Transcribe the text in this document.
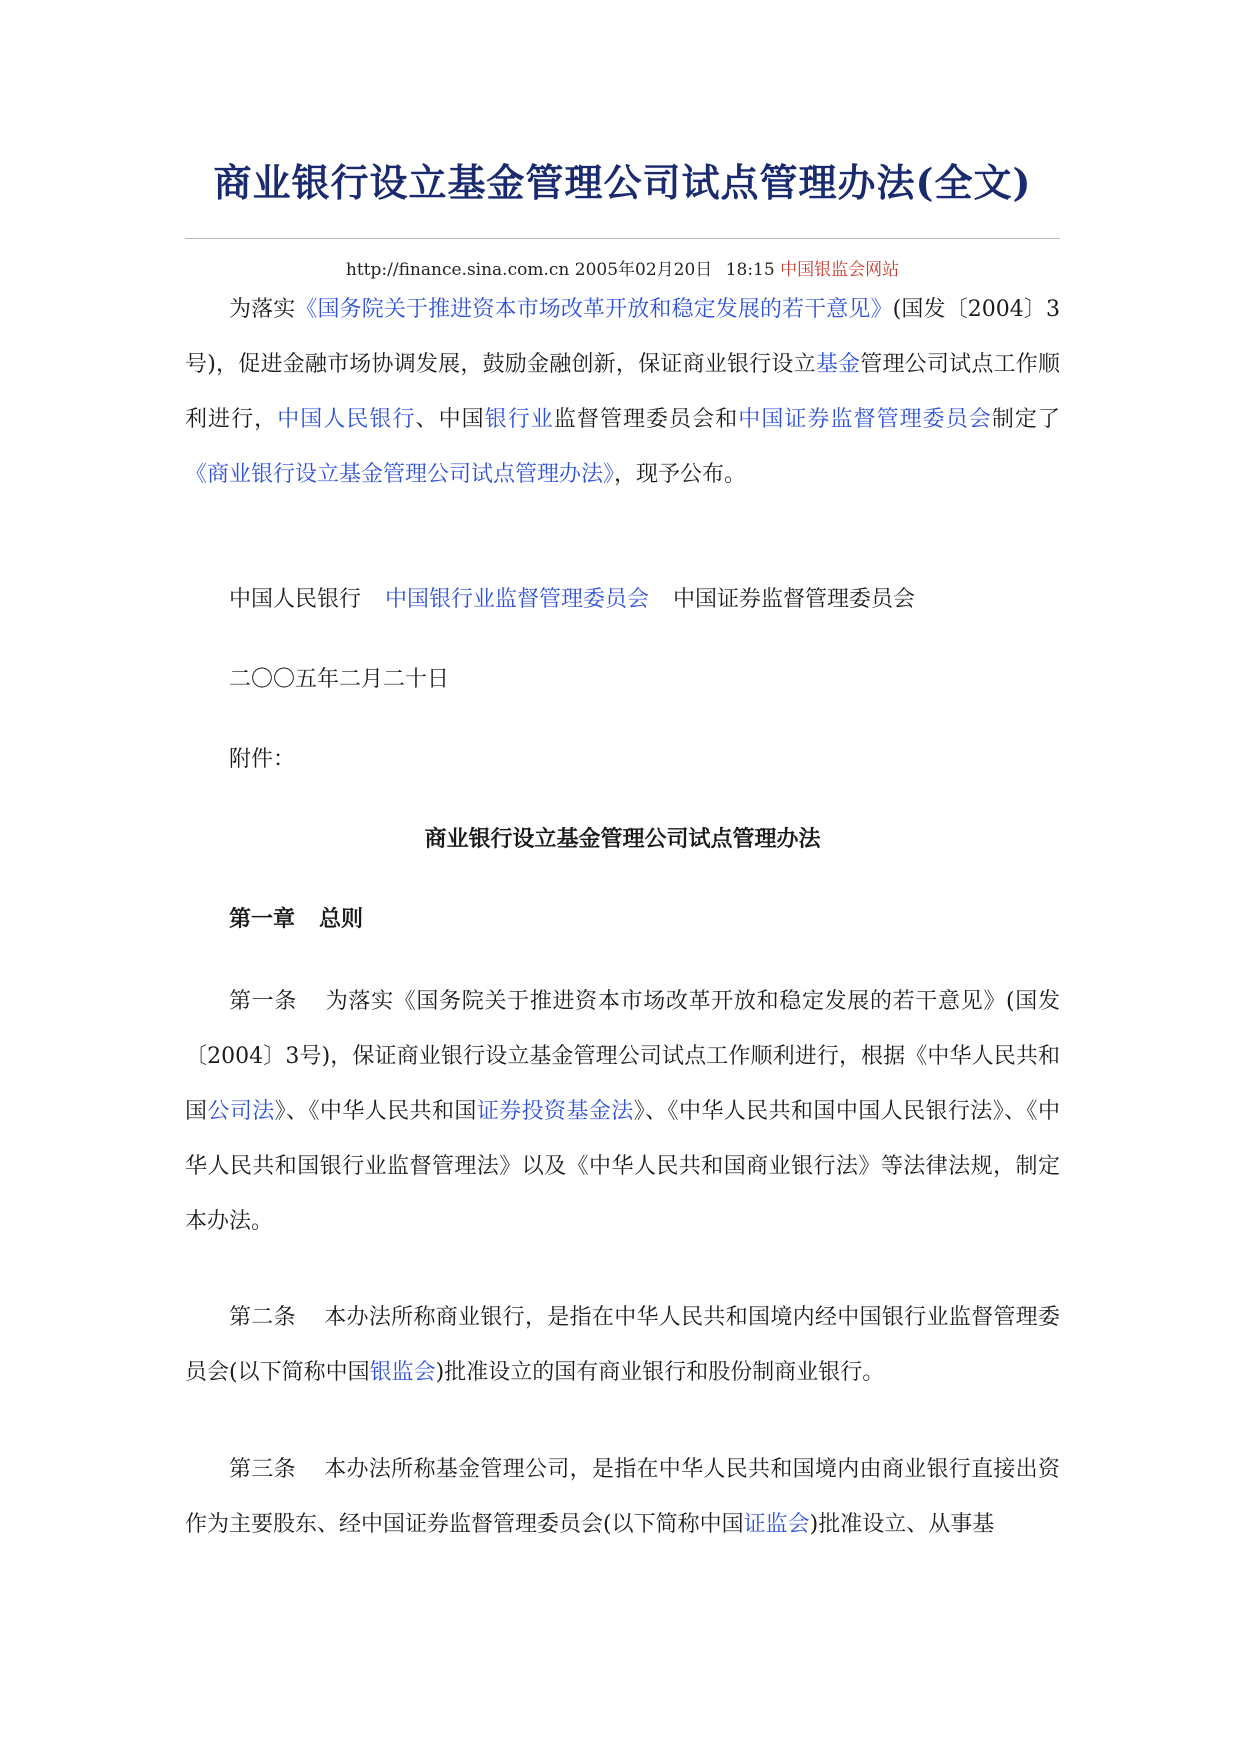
商业银行设立基金管理公司试点管理办法(全文)
http://finance.sina.com.cn 2005年02月20日 18:15 中国银监会网站

为落实《国务院关于推进资本市场改革开放和稳定发展的若干意见》(国发〔2004〕3号)，促进金融市场协调发展，鼓励金融创新，保证商业银行设立基金管理公司试点工作顺利进行，中国人民银行、中国银行业监督管理委员会和中国证券监督管理委员会制定了《商业银行设立基金管理公司试点管理办法》，现予公布。

中国人民银行 中国银行业监督管理委员会 中国证券监督管理委员会

二〇〇五年二月二十日

附件：

商业银行设立基金管理公司试点管理办法

第一章 总则

第一条 为落实《国务院关于推进资本市场改革开放和稳定发展的若干意见》(国发〔2004〕3号)，保证商业银行设立基金管理公司试点工作顺利进行，根据《中华人民共和国公司法》、《中华人民共和国证券投资基金法》、《中华人民共和国中国人民银行法》、《中华人民共和国银行业监督管理法》以及《中华人民共和国商业银行法》等法律法规，制定本办法。

第二条 本办法所称商业银行，是指在中华人民共和国境内经中国银行业监督管理委员会(以下简称中国银监会)批准设立的国有商业银行和股份制商业银行。

第三条 本办法所称基金管理公司，是指在中华人民共和国境内由商业银行直接出资作为主要股东、经中国证券监督管理委员会(以下简称中国证监会)批准设立、从事基
